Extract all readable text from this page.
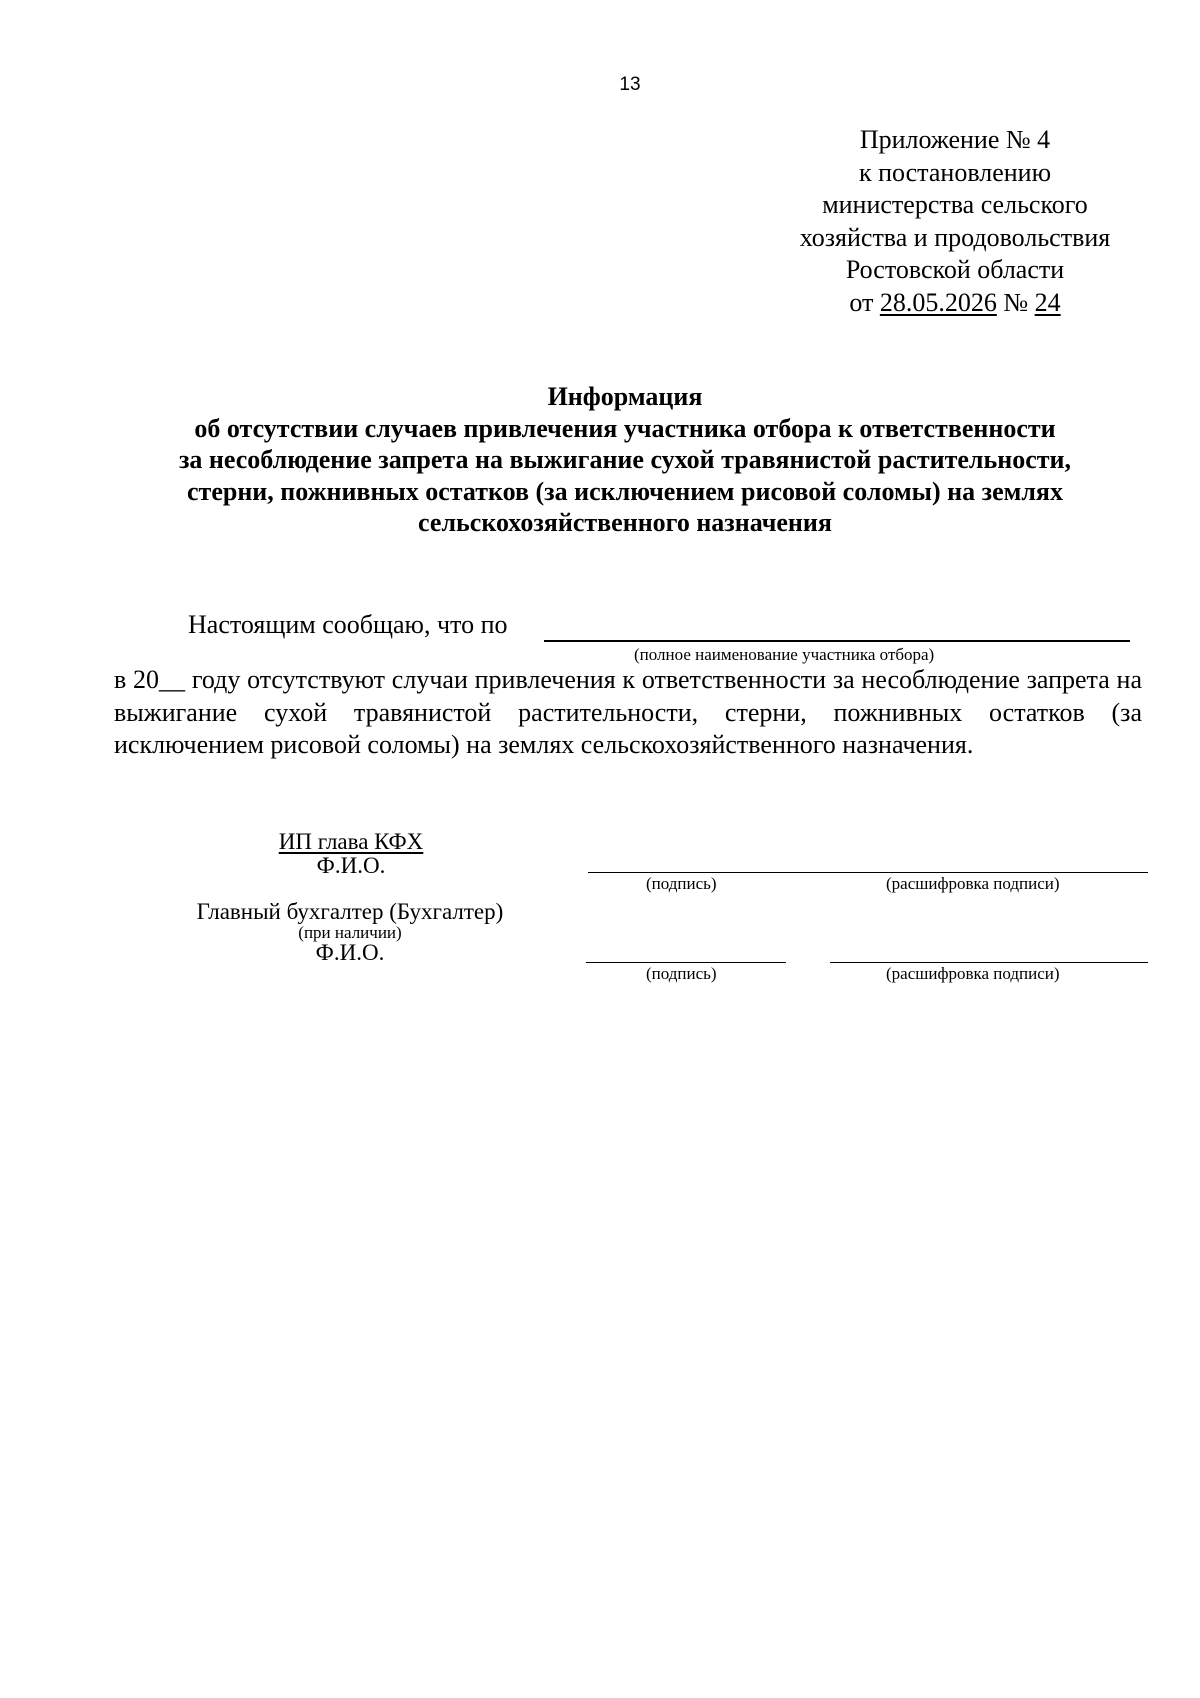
13
Приложение № 4
к постановлению
министерства сельского
хозяйства и продовольствия
Ростовской области
от 28.05.2026 № 24
Информация
об отсутствии случаев привлечения участника отбора к ответственности
за несоблюдение запрета на выжигание сухой травянистой растительности,
стерни, пожнивных остатков (за исключением рисовой соломы) на землях
сельскохозяйственного назначения
Настоящим сообщаю, что по
(полное наименование участника отбора)
в 20__ году отсутствуют случаи привлечения к ответственности за несоблюдение запрета на выжигание сухой травянистой растительности, стерни, пожнивных остатков (за исключением рисовой соломы) на землях сельскохозяйственного назначения.
ИП глава КФХ
Ф.И.О.
(подпись)	(расшифровка подписи)
Главный бухгалтер (Бухгалтер)
(при наличии)
Ф.И.О.
(подпись)	(расшифровка подписи)
